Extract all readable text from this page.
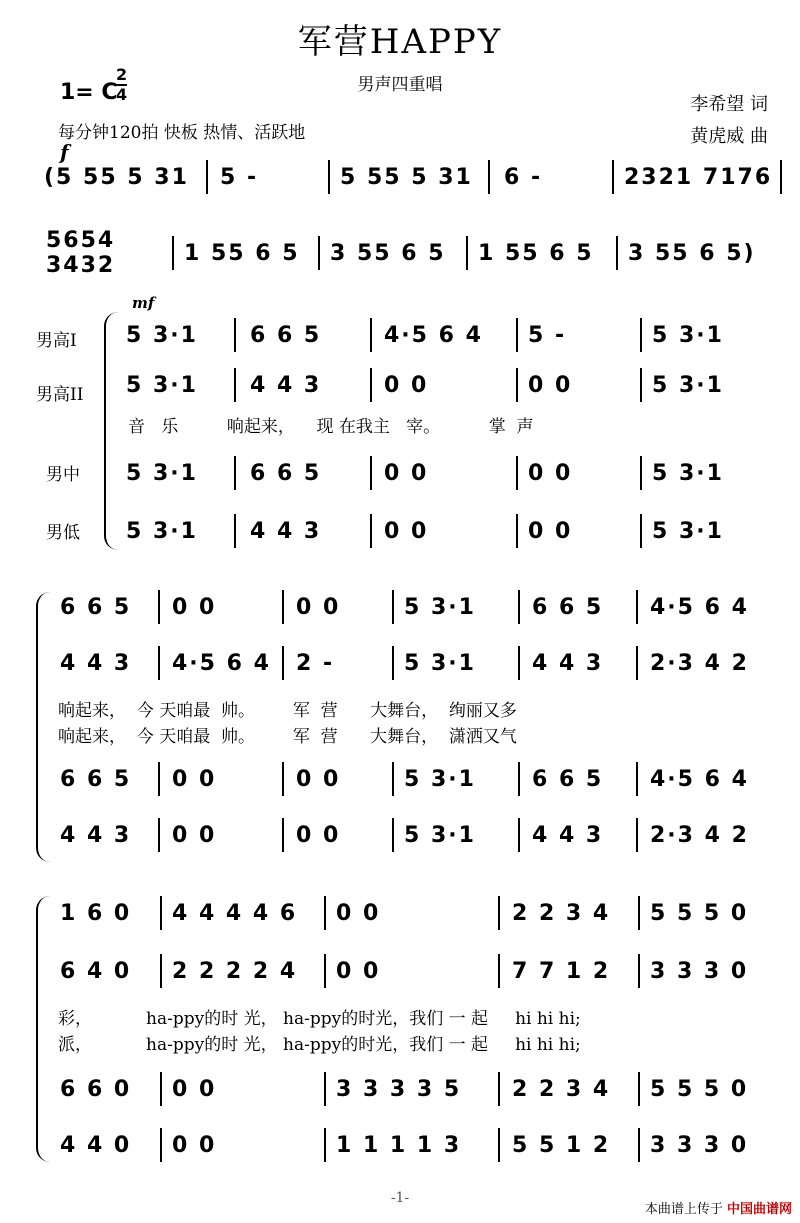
军营HAPPY
男声四重唱
1= C
2
4
每分钟120拍 快板 热情、活跃地
李希望 词
黄虎威 曲
f
(5 55 5 31	5 -	5 55 5 31	6 -	2321 7176
5654 3432	1 55 6 5	3 55 6 5	1 55 6 5	3 55 6 5)
mf
男高I
男高II
男中
男低
5 3·1	6 6 5	4·5 6 4	5 -	5 3·1
5 3·1	4 4 3	0 0	0 0	5 3·1
音   乐         响起来，    现 在我主   宰。         掌  声
5 3·1	6 6 5	0 0	0 0	5 3·1
5 3·1	4 4 3	0 0	0 0	5 3·1
6 6 5	0 0	0 0	5 3·1	6 6 5	4·5 6 4
4 4 3	4·5 6 4	2 -	5 3·1	4 4 3	2·3 4 2
响起来，  今 天咱最  帅。       军  营      大舞台，  绚丽又多
响起来，  今 天咱最  帅。       军  营      大舞台，  潇洒又气
6 6 5	0 0	0 0	5 3·1	6 6 5	4·5 6 4
4 4 3	0 0	0 0	5 3·1	4 4 3	2·3 4 2
1 6 0	4 4 4 4 6	0 0	2 2 3 4	5 5 5 0
6 4 0	2 2 2 2 4	0 0	7 7 1 2	3 3 3 0
彩，          ha-ppy的时 光， ha-ppy的时光，我们 一 起     hi hi hi;
派，          ha-ppy的时 光， ha-ppy的时光，我们 一 起     hi hi hi;
6 6 0	0 0	3 3 3 3 5	2 2 3 4	5 5 5 0
4 4 0	0 0	1 1 1 1 3	5 5 1 2	3 3 3 0
-1-
本曲谱上传于 中国曲谱网
